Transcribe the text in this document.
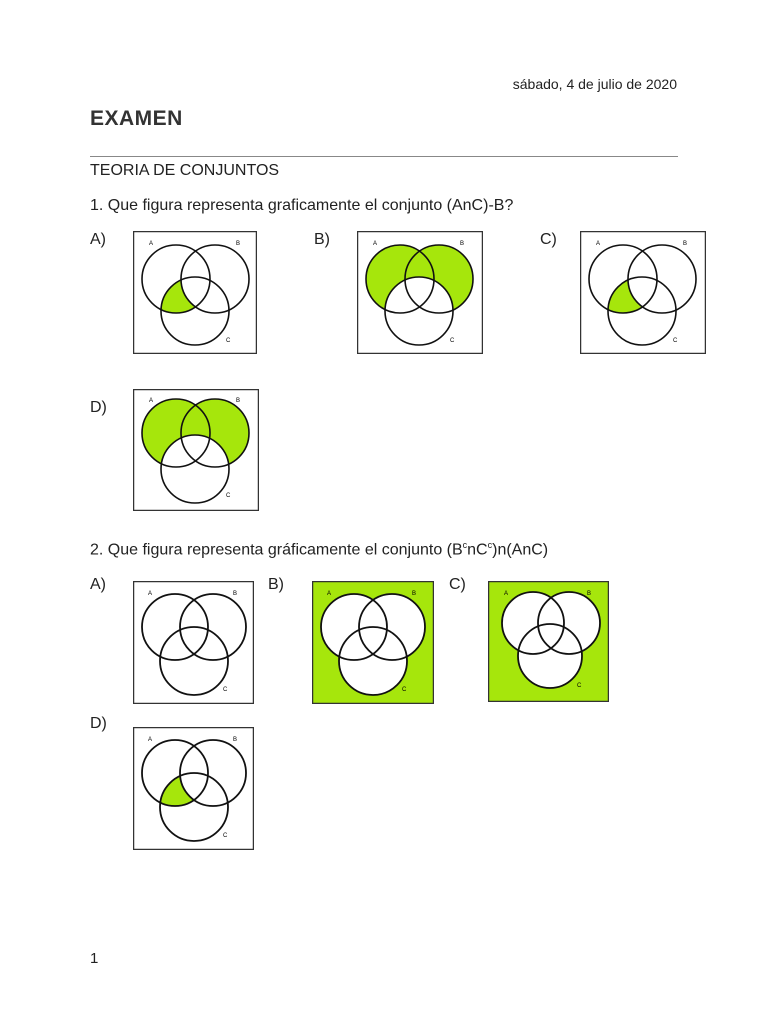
sábado, 4 de julio de 2020
EXAMEN
TEORIA DE CONJUNTOS
1. Que figura representa graficamente el conjunto (AnC)-B?
A)	A	B
C
B)	A	B
C
C)	A	B
C
D)	A	B
C
2. Que figura representa gráficamente el conjunto $(B^cnC^c)n(AnC)$
A)
A	B
C
B)
A	B
C
C)
A	B
C
D)
A	B
C
1
